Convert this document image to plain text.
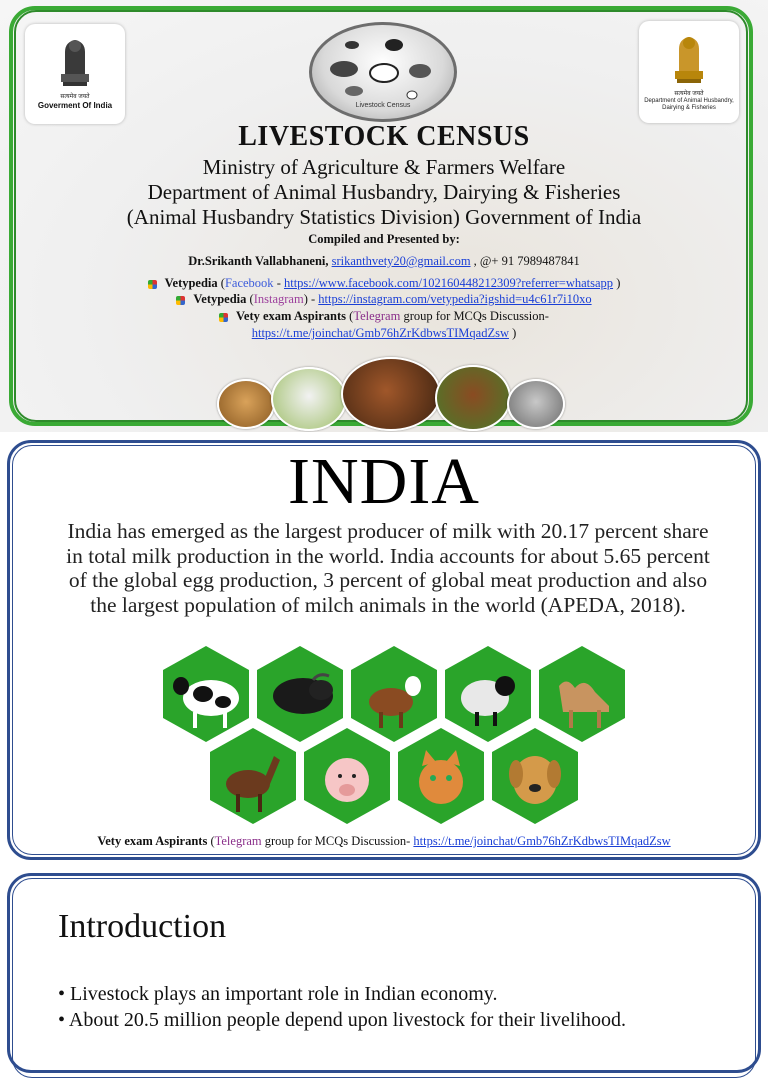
सत्यमेव जयते
Goverment Of India	Livestock Census
सत्यमेव जयते
Department of Animal Husbandry,
Dairying & Fisheries
LIVESTOCK CENSUS
Ministry of Agriculture & Farmers Welfare
Department of Animal Husbandry, Dairying & Fisheries
(Animal Husbandry Statistics Division) Government of India
Compiled and Presented by:
Dr.Srikanth Vallabhaneni, srikanthvety20@gmail.com , @+ 91 7989487841
Vetypedia (Facebook - https://www.facebook.com/102160448212309?referrer=whatsapp )
Vetypedia (Instagram) - https://instagram.com/vetypedia?igshid=u4c61r7i10xo
Vety exam Aspirants (Telegram group for MCQs Discussion-
https://t.me/joinchat/Gmb76hZrKdbwsTIMqadZsw )
INDIA
India has emerged as the largest producer of milk with 20.17 percent share in total milk production in the world. India accounts for about 5.65 percent of the global egg production, 3 percent of global meat production and also the largest population of milch animals in the world (APEDA, 2018).
Vety exam Aspirants (Telegram group for MCQs Discussion- https://t.me/joinchat/Gmb76hZrKdbwsTIMqadZsw
Introduction
• Livestock plays an important role in Indian economy.
• About 20.5 million people depend upon livestock for their livelihood.
